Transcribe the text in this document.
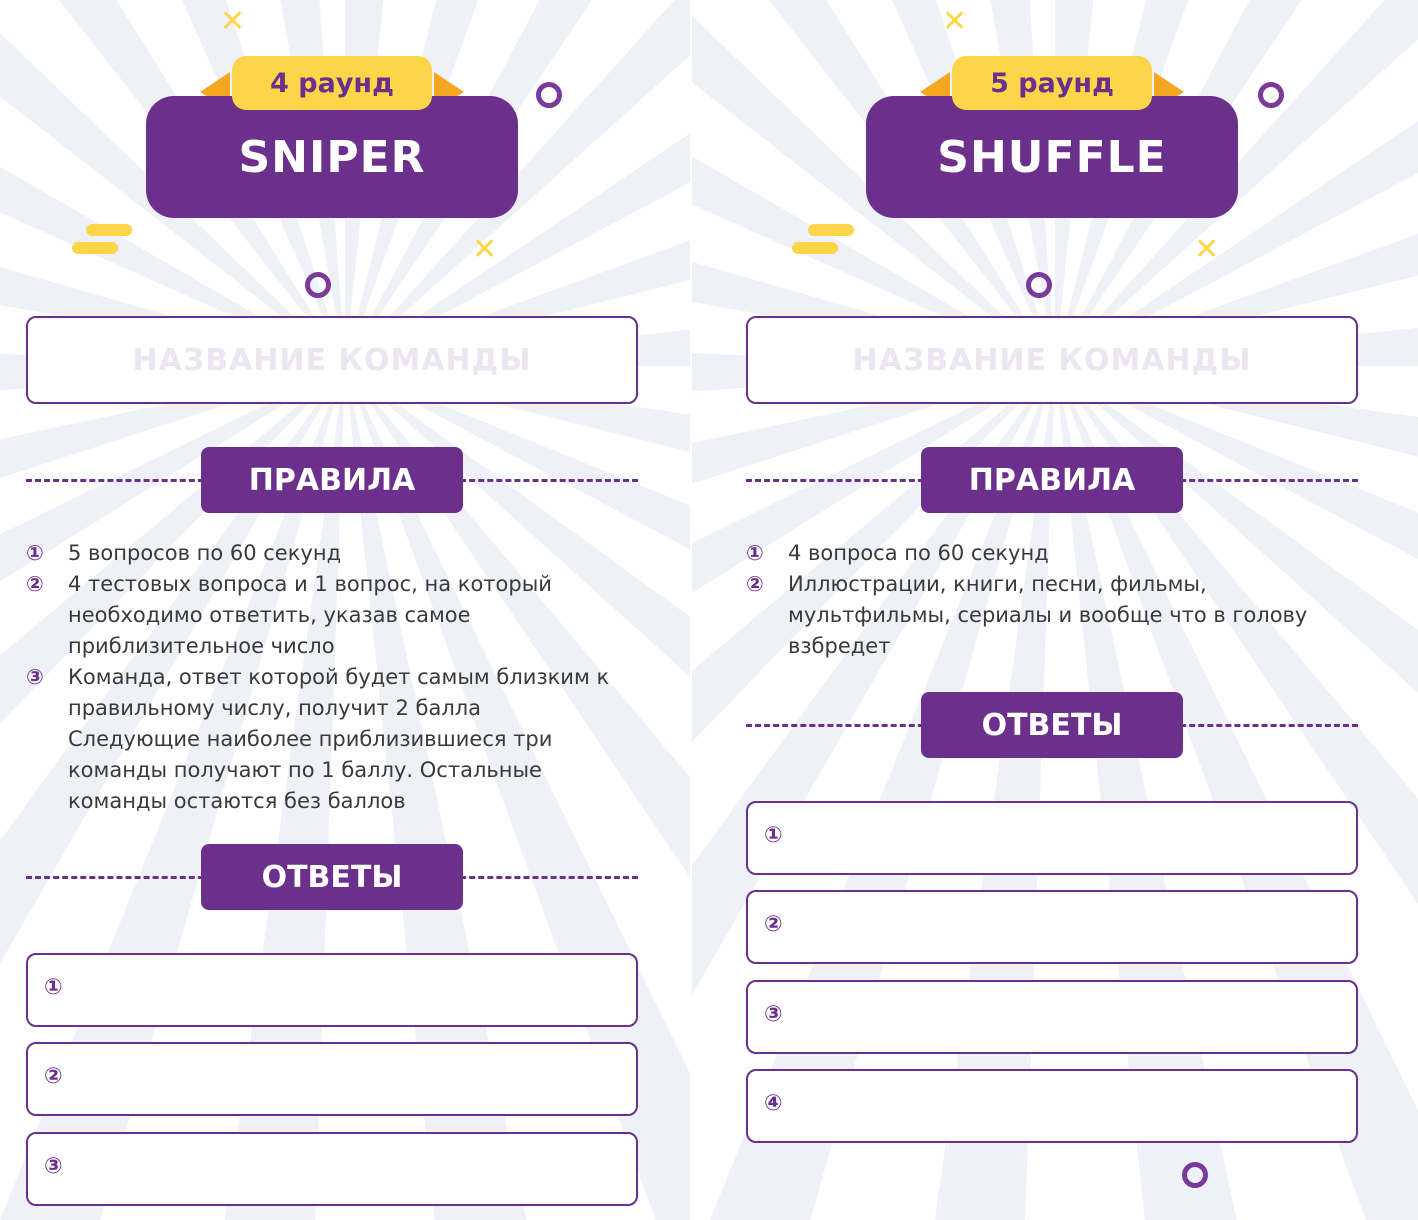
✕
✕
SNIPER
4 раунд
НАЗВАНИЕ КОМАНДЫ
ПРАВИЛА
① 5 вопросов по 60 секунд
② 4 тестовых вопроса и 1 вопрос, на который необходимо ответить, указав самое приблизительное число
③ Команда, ответ которой будет самым близким к правильному числу, получит 2 балла
Следующие наиболее приблизившиеся три команды получают по 1 баллу. Остальные команды остаются без баллов
ОТВЕТЫ
①
②
③
✕
✕
SHUFFLE
5 раунд
НАЗВАНИЕ КОМАНДЫ
ПРАВИЛА
① 4 вопроса по 60 секунд
② Иллюстрации, книги, песни, фильмы, мультфильмы, сериалы и вообще что в голову взбредет
ОТВЕТЫ
①
②
③
④
